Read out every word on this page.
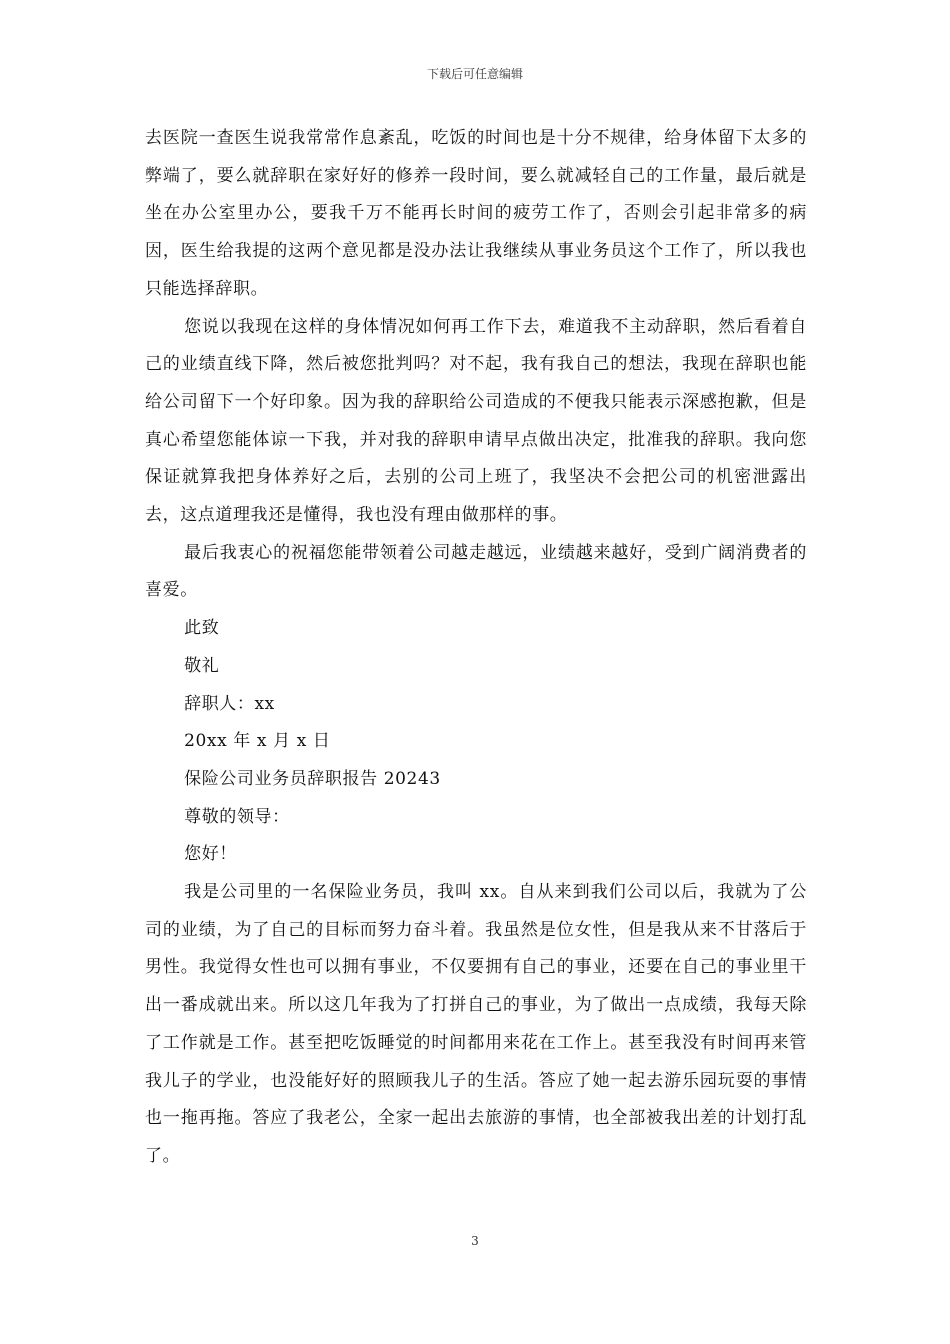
下载后可任意编辑

去医院一查医生说我常常作息紊乱，吃饭的时间也是十分不规律，给身体留下太多的弊端了，要么就辞职在家好好的修养一段时间，要么就减轻自己的工作量，最后就是坐在办公室里办公，要我千万不能再长时间的疲劳工作了，否则会引起非常多的病因，医生给我提的这两个意见都是没办法让我继续从事业务员这个工作了，所以我也只能选择辞职。

您说以我现在这样的身体情况如何再工作下去，难道我不主动辞职，然后看着自己的业绩直线下降，然后被您批判吗？对不起，我有我自己的想法，我现在辞职也能给公司留下一个好印象。因为我的辞职给公司造成的不便我只能表示深感抱歉，但是真心希望您能体谅一下我，并对我的辞职申请早点做出决定，批准我的辞职。我向您保证就算我把身体养好之后，去别的公司上班了，我坚决不会把公司的机密泄露出去，这点道理我还是懂得，我也没有理由做那样的事。

最后我衷心的祝福您能带领着公司越走越远，业绩越来越好，受到广阔消费者的喜爱。

此致

敬礼

辞职人：xx

20xx 年 x 月 x 日

保险公司业务员辞职报告 20243

尊敬的领导：

您好！

我是公司里的一名保险业务员，我叫 xx。自从来到我们公司以后，我就为了公司的业绩，为了自己的目标而努力奋斗着。我虽然是位女性，但是我从来不甘落后于男性。我觉得女性也可以拥有事业，不仅要拥有自己的事业，还要在自己的事业里干出一番成就出来。所以这几年我为了打拼自己的事业，为了做出一点成绩，我每天除了工作就是工作。甚至把吃饭睡觉的时间都用来花在工作上。甚至我没有时间再来管我儿子的学业，也没能好好的照顾我儿子的生活。答应了她一起去游乐园玩耍的事情也一拖再拖。答应了我老公，全家一起出去旅游的事情，也全部被我出差的计划打乱了。

3
